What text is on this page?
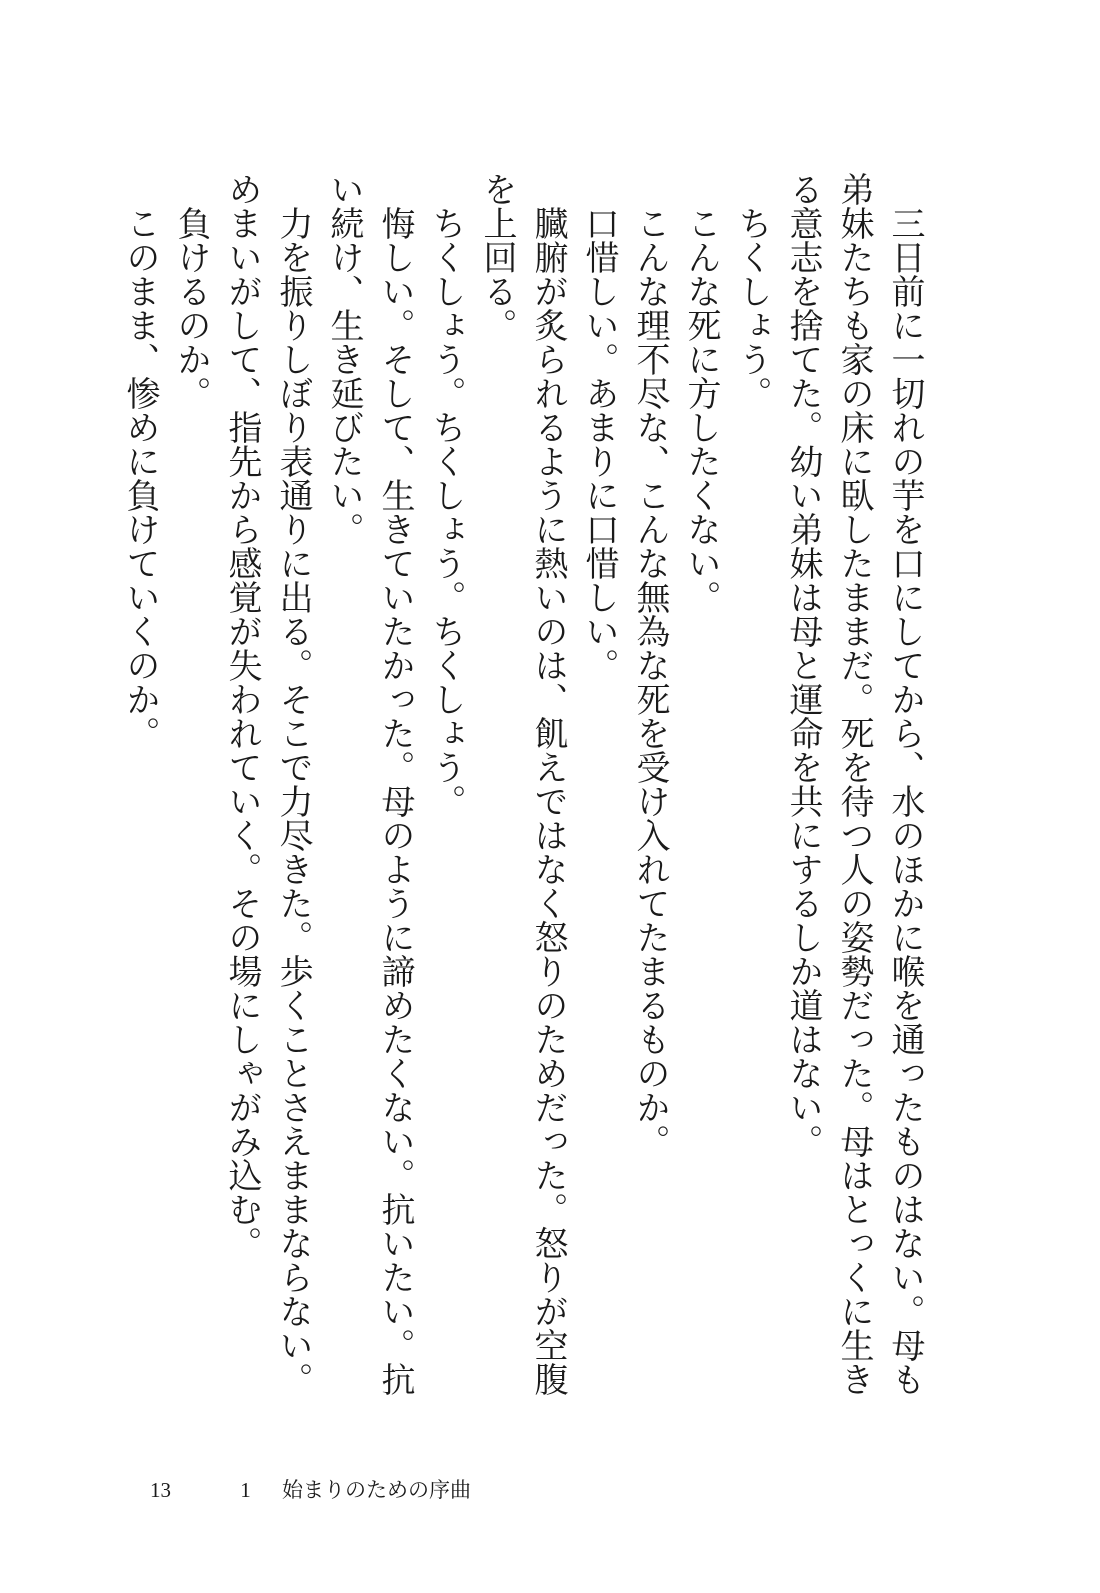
三日前に一切れの芋を口にしてから、水のほかに喉を通ったものはない。母も弟妹たちも家の床に臥したままだ。死を待つ人の姿勢だった。母はとっくに生きる意志を捨てた。幼い弟妹は母と運命を共にするしか道はない。

ちくしょう。

こんな死に方したくない。

こんな理不尽な、こんな無為な死を受け入れてたまるものか。

口惜しい。あまりに口惜しい。

臓腑が炙られるように熱いのは、飢えではなく怒りのためだった。怒りが空腹を上回る。

ちくしょう。ちくしょう。ちくしょう。

悔しい。そして、生きていたかった。母のように諦めたくない。抗いたい。抗い続け、生き延びたい。

力を振りしぼり表通りに出る。そこで力尽きた。歩くことさえままならない。めまいがして、指先から感覚が失われていく。その場にしゃがみ込む。

負けるのか。

このまま、惨めに負けていくのか。

13	1 始まりのための序曲
